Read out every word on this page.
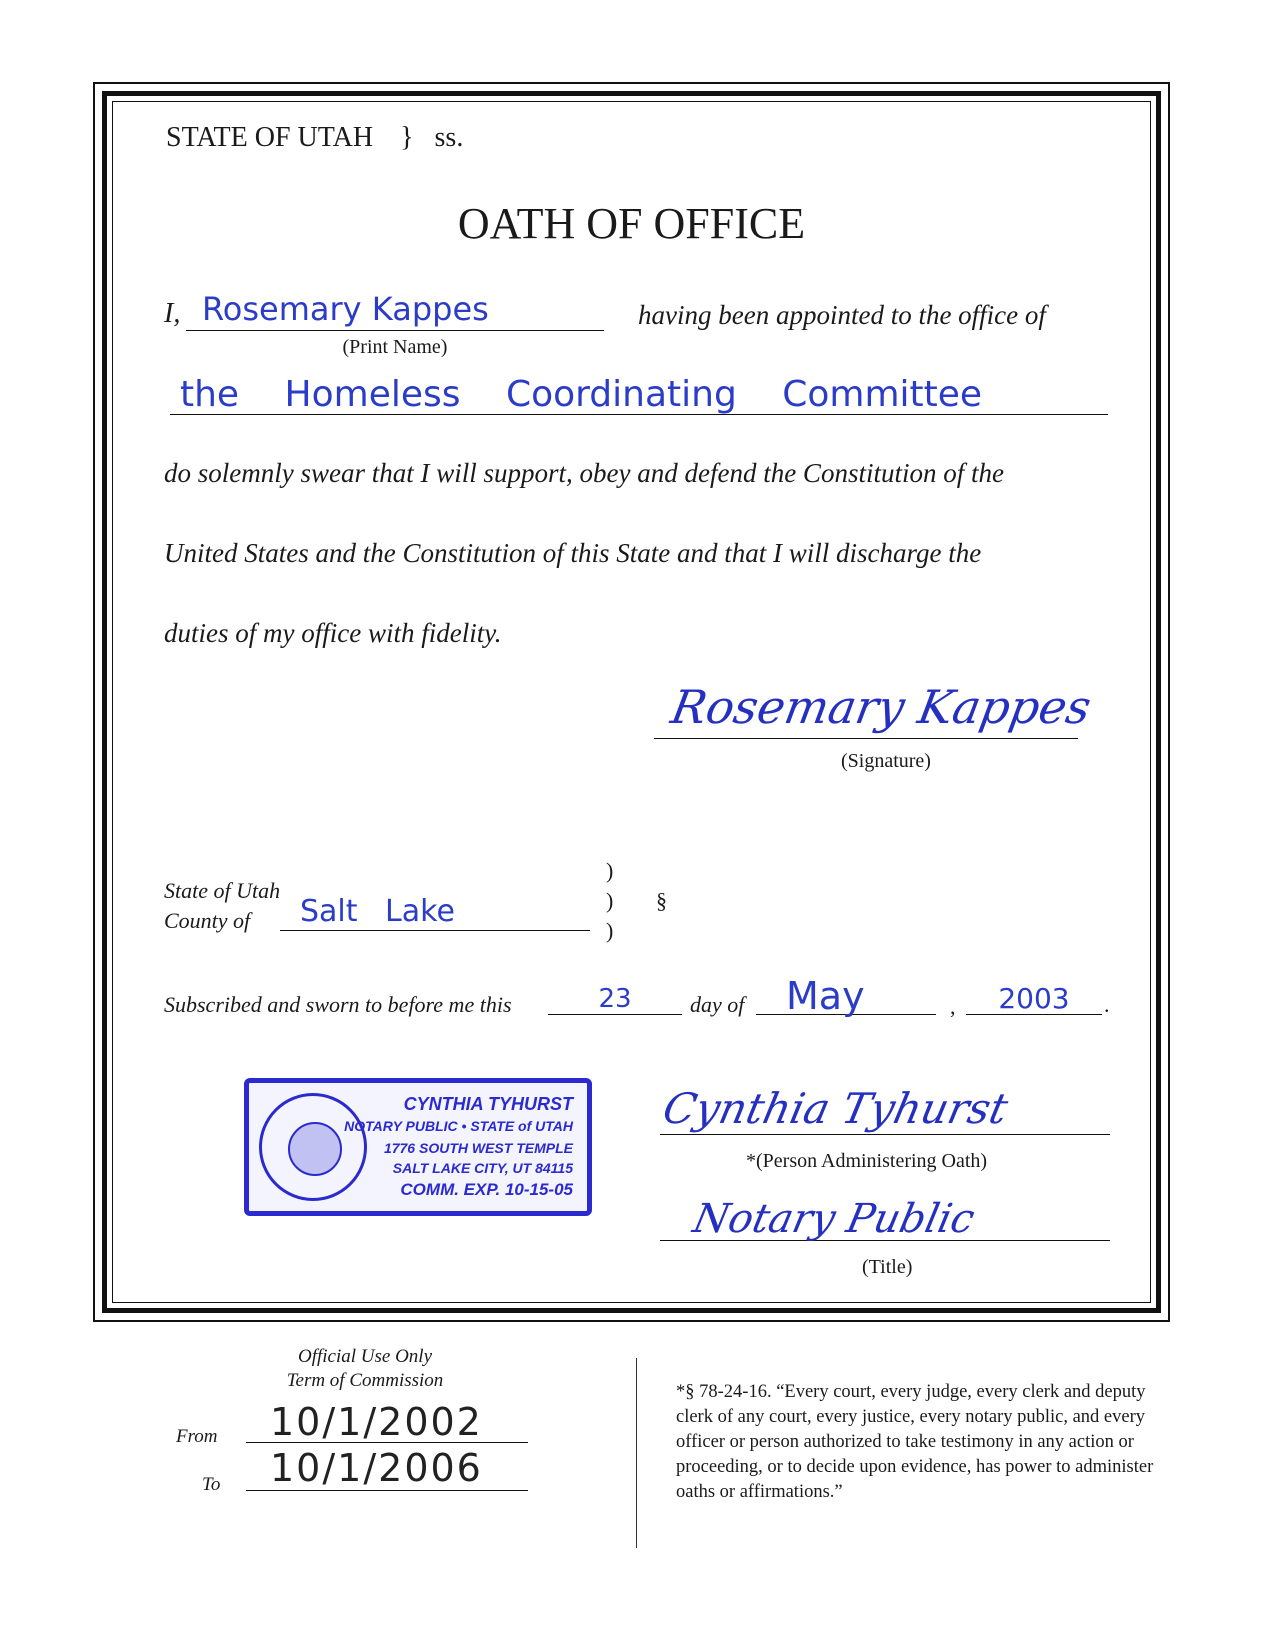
STATE OF UTAH } ss.
OATH OF OFFICE
I, Rosemary Kappes
(Print Name)
having been appointed to the office of
the Homeless Coordinating Committee
do solemnly swear that I will support, obey and defend the Constitution of the
United States and the Constitution of this State and that I will discharge the
duties of my office with fidelity.
Rosemary Kappes
(Signature)
State of Utah
County of Salt Lake
)
)
)
§
Subscribed and sworn to before me this	23	day of May	,	2003	.
CYNTHIA TYHURST
NOTARY PUBLIC • STATE of UTAH
1776 SOUTH WEST TEMPLE
SALT LAKE CITY, UT 84115
COMM. EXP. 10-15-05
Cynthia Tyhurst
*(Person Administering Oath)
Notary Public
(Title)
Official Use Only
Term of Commission
From 10/1/2002
To 10/1/2006
*§ 78-24-16. “Every court, every judge, every clerk and deputy clerk of any court, every justice, every notary public, and every officer or person authorized to take testimony in any action or proceeding, or to decide upon evidence, has power to administer oaths or affirmations.”
